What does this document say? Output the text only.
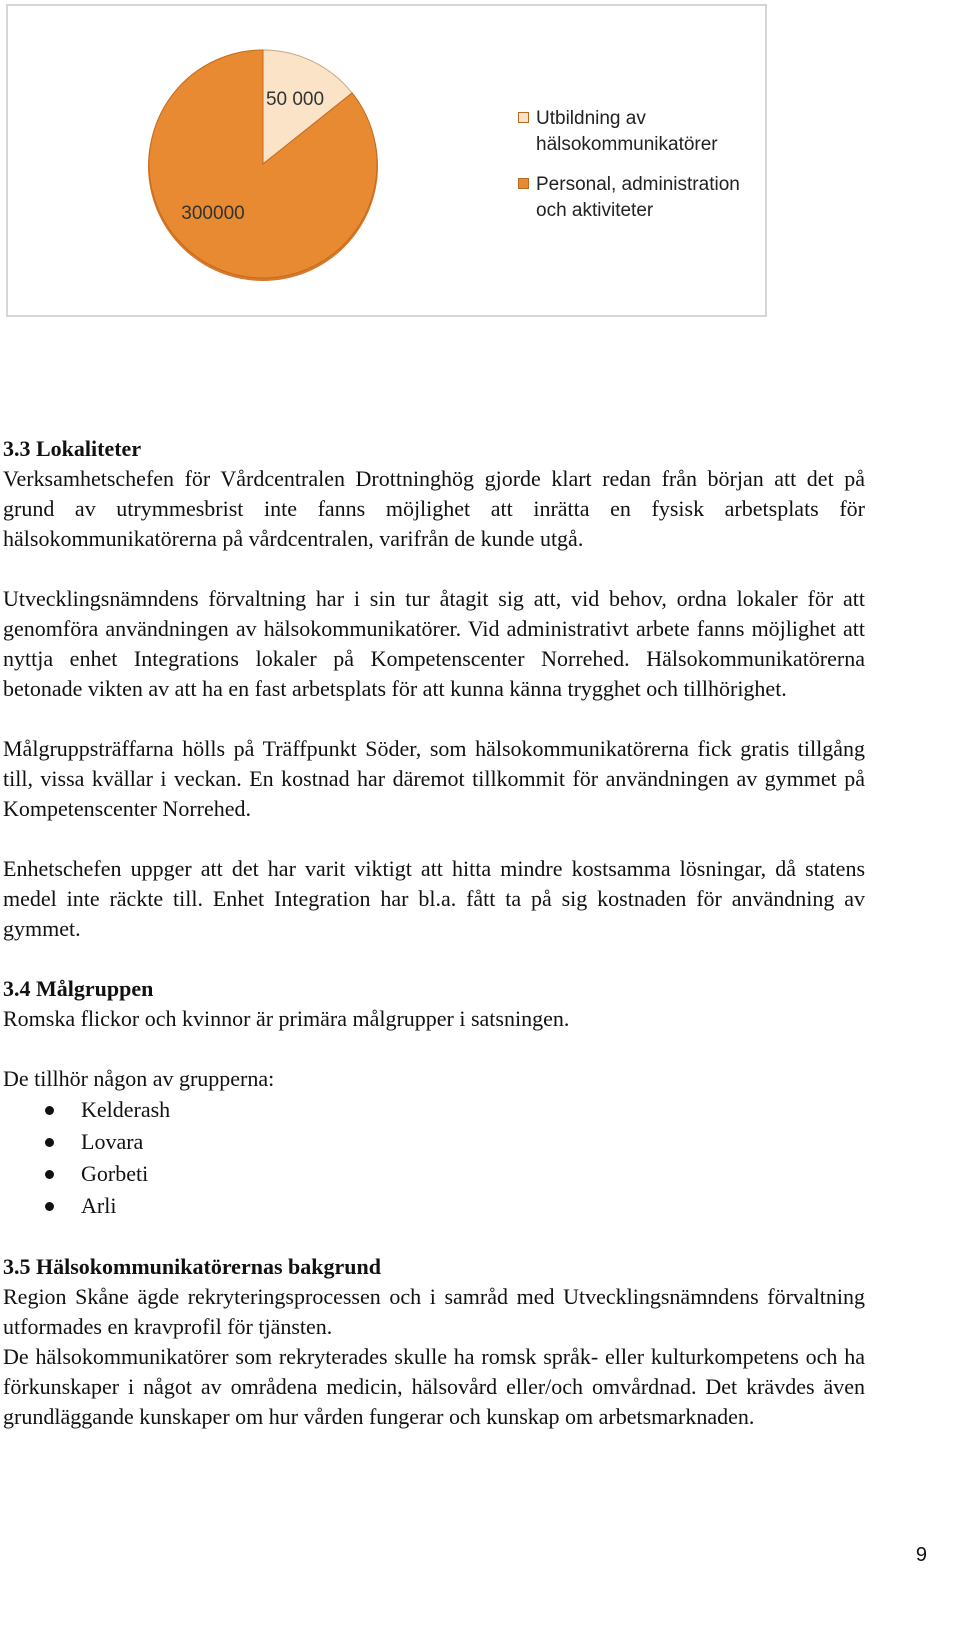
50 000
300000
Utbildning av hälsokommunikatörer
Personal, administration och aktiviteter
3.3 Lokaliteter

Verksamhetschefen för Vårdcentralen Drottninghög gjorde klart redan från början att det på grund av utrymmesbrist inte fanns möjlighet att inrätta en fysisk arbetsplats för hälsokommunikatörerna på vårdcentralen, varifrån de kunde utgå.

Utvecklingsnämndens förvaltning har i sin tur åtagit sig att, vid behov, ordna lokaler för att genomföra användningen av hälsokommunikatörer. Vid administrativt arbete fanns möjlighet att nyttja enhet Integrations lokaler på Kompetenscenter Norrehed. Hälsokommunikatörerna betonade vikten av att ha en fast arbetsplats för att kunna känna trygghet och tillhörighet.

Målgruppsträffarna hölls på Träffpunkt Söder, som hälsokommunikatörerna fick gratis tillgång till, vissa kvällar i veckan. En kostnad har däremot tillkommit för användningen av gymmet på Kompetenscenter Norrehed.

Enhetschefen uppger att det har varit viktigt att hitta mindre kostsamma lösningar, då statens medel inte räckte till. Enhet Integration har bl.a. fått ta på sig kostnaden för användning av gymmet.

3.4 Målgruppen

Romska flickor och kvinnor är primära målgrupper i satsningen.

De tillhör någon av grupperna:

Kelderash
Lovara
Gorbeti
Arli
3.5 Hälsokommunikatörernas bakgrund

Region Skåne ägde rekryteringsprocessen och i samråd med Utvecklingsnämndens förvaltning utformades en kravprofil för tjänsten.

De hälsokommunikatörer som rekryterades skulle ha romsk språk- eller kulturkompetens och ha förkunskaper i något av områdena medicin, hälsovård eller/och omvårdnad. Det krävdes även grundläggande kunskaper om hur vården fungerar och kunskap om arbetsmarknaden.

9
